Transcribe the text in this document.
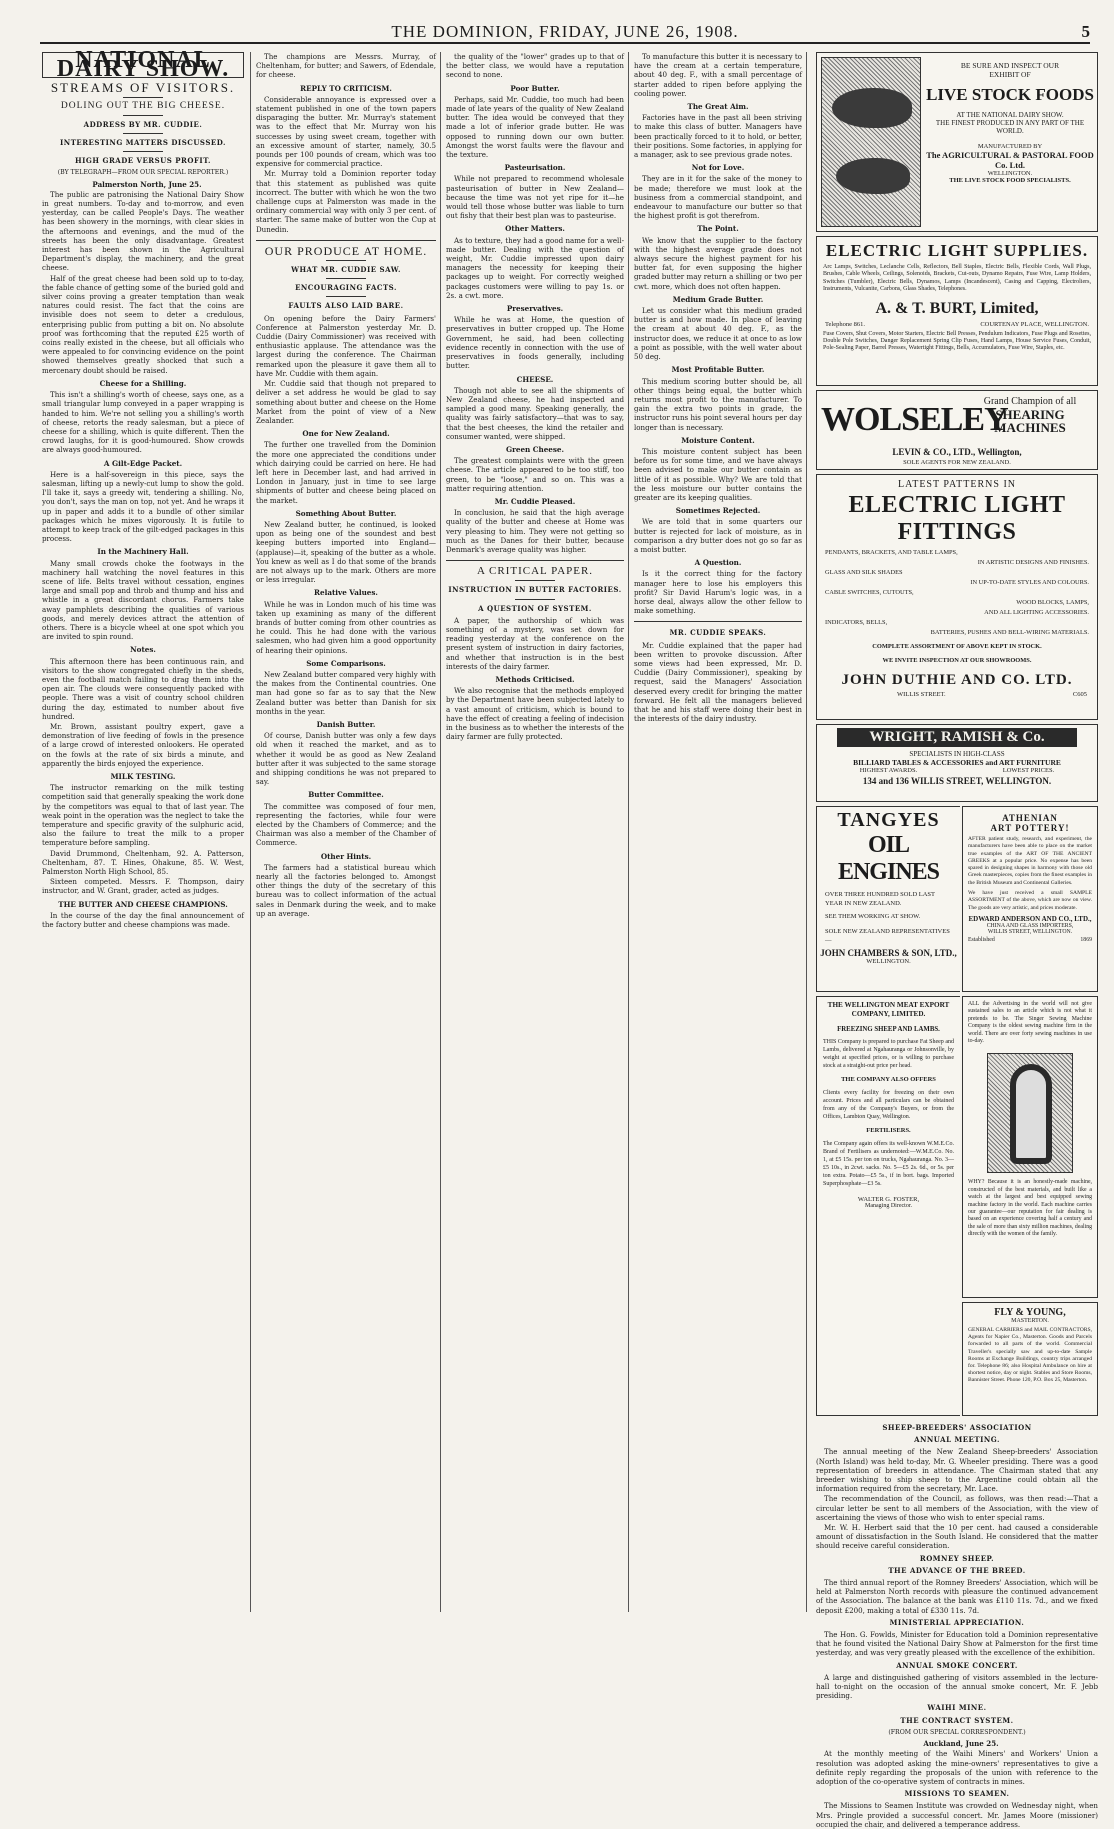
THE DOMINION, FRIDAY, JUNE 26, 1908.	5
NATIONAL DAIRY SHOW.
STREAMS OF VISITORS.
DOLING OUT THE BIG CHEESE.
ADDRESS BY MR. CUDDIE.
INTERESTING MATTERS DISCUSSED.
HIGH GRADE VERSUS PROFIT.
(BY TELEGRAPH—FROM OUR SPECIAL REPORTER.)

Palmerston North, June 25.

The public are patronising the National Dairy Show in great numbers. To-day and to-morrow, and even yesterday, can be called People's Days. The weather has been showery in the mornings, with clear skies in the afternoons and evenings, and the mud of the streets has been the only disadvantage. Greatest interest has been shown in the Agricultural Department's display, the machinery, and the great cheese.

Half of the great cheese had been sold up to to-day, the fable chance of getting some of the buried gold and silver coins proving a greater temptation than weak natures could resist. The fact that the coins are invisible does not seem to deter a credulous, enterprising public from putting a bit on. No absolute proof was forthcoming that the reputed £25 worth of coins really existed in the cheese, but all officials who were appealed to for convincing evidence on the point showed themselves greatly shocked that such a mercenary doubt should be raised.

Cheese for a Shilling.

This isn't a shilling's worth of cheese, says one, as a small triangular lump conveyed in a paper wrapping is handed to him. We're not selling you a shilling's worth of cheese, retorts the ready salesman, but a piece of cheese for a shilling, which is quite different. Then the crowd laughs, for it is good-humoured. Show crowds are always good-humoured.

A Gilt-Edge Packet.

Here is a half-sovereign in this piece, says the salesman, lifting up a newly-cut lump to show the gold. I'll take it, says a greedy wit, tendering a shilling. No, you don't, says the man on top, not yet. And he wraps it up in paper and adds it to a bundle of other similar packages which he mixes vigorously. It is futile to attempt to keep track of the gilt-edged packages in this process.

In the Machinery Hall.

Many small crowds choke the footways in the machinery hall watching the novel features in this scene of life. Belts travel without cessation, engines large and small pop and throb and thump and hiss and whistle in a great discordant chorus. Farmers take away pamphlets describing the qualities of various goods, and merely devices attract the attention of others. There is a bicycle wheel at one spot which you are invited to spin round.

Notes.

This afternoon there has been continuous rain, and visitors to the show congregated chiefly in the sheds, even the football match failing to drag them into the open air. The clouds were consequently packed with people. There was a visit of country school children during the day, estimated to number about five hundred.

Mr. Brown, assistant poultry expert, gave a demonstration of live feeding of fowls in the presence of a large crowd of interested onlookers. He operated on the fowls at the rate of six birds a minute, and apparently the birds enjoyed the experience.

MILK TESTING.

The instructor remarking on the milk testing competition said that generally speaking the work done by the competitors was equal to that of last year. The weak point in the operation was the neglect to take the temperature and specific gravity of the sulphuric acid, also the failure to treat the milk to a proper temperature before sampling.

David Drummond, Cheltenham, 92. A. Patterson, Cheltenham, 87. T. Hines, Ohakune, 85. W. West, Palmerston North High School, 85.

Sixteen competed. Messrs. F. Thompson, dairy instructor, and W. Grant, grader, acted as judges.

THE BUTTER AND CHEESE CHAMPIONS.

In the course of the day the final announcement of the factory butter and cheese champions was made.

The champions are Messrs. Murray, of Cheltenham, for butter; and Sawers, of Edendale, for cheese.

REPLY TO CRITICISM.

Considerable annoyance is expressed over a statement published in one of the town papers disparaging the butter. Mr. Murray's statement was to the effect that Mr. Murray won his successes by using sweet cream, together with an excessive amount of starter, namely, 30.5 pounds per 100 pounds of cream, which was too expensive for commercial practice.

Mr. Murray told a Dominion reporter today that this statement as published was quite incorrect. The butter with which he won the two challenge cups at Palmerston was made in the ordinary commercial way with only 3 per cent. of starter. The same make of butter won the Cup at Dunedin.

OUR PRODUCE AT HOME.
WHAT MR. CUDDIE SAW.
ENCOURAGING FACTS.
FAULTS ALSO LAID BARE.

On opening before the Dairy Farmers' Conference at Palmerston yesterday Mr. D. Cuddie (Dairy Commissioner) was received with enthusiastic applause. The attendance was the largest during the conference. The Chairman remarked upon the pleasure it gave them all to have Mr. Cuddie with them again.

Mr. Cuddie said that though not prepared to deliver a set address he would be glad to say something about butter and cheese on the Home Market from the point of view of a New Zealander.

One for New Zealand.

The further one travelled from the Dominion the more one appreciated the conditions under which dairying could be carried on here. He had left here in December last, and had arrived in London in January, just in time to see large shipments of butter and cheese being placed on the market.

Something About Butter.

New Zealand butter, he continued, is looked upon as being one of the soundest and best keeping butters imported into England—(applause)—it, speaking of the butter as a whole. You knew as well as I do that some of the brands are not always up to the mark. Others are more or less irregular.

Relative Values.

While he was in London much of his time was taken up examining as many of the different brands of butter coming from other countries as he could. This he had done with the various salesmen, who had given him a good opportunity of hearing their opinions.

Some Comparisons.

New Zealand butter compared very highly with the makes from the Continental countries. One man had gone so far as to say that the New Zealand butter was better than Danish for six months in the year.

Danish Butter.

Of course, Danish butter was only a few days old when it reached the market, and as to whether it would be as good as New Zealand butter after it was subjected to the same storage and shipping conditions he was not prepared to say.

Butter Committee.

The committee was composed of four men, representing the factories, while four were elected by the Chambers of Commerce; and the Chairman was also a member of the Chamber of Commerce.

Other Hints.

The farmers had a statistical bureau which nearly all the factories belonged to. Amongst other things the duty of the secretary of this bureau was to collect information of the actual sales in Denmark during the week, and to make up an average.

the quality of the "lower" grades up to that of the better class, we would have a reputation second to none.

Poor Butter.

Perhaps, said Mr. Cuddie, too much had been made of late years of the quality of New Zealand butter. The idea would be conveyed that they made a lot of inferior grade butter. He was opposed to running down our own butter. Amongst the worst faults were the flavour and the texture.

Pasteurisation.

While not prepared to recommend wholesale pasteurisation of butter in New Zealand—because the time was not yet ripe for it—he would tell those whose butter was liable to turn out fishy that their best plan was to pasteurise.

Other Matters.

As to texture, they had a good name for a well-made butter. Dealing with the question of weight, Mr. Cuddie impressed upon dairy managers the necessity for keeping their packages up to weight. For correctly weighed packages customers were willing to pay 1s. or 2s. a cwt. more.

Preservatives.

While he was at Home, the question of preservatives in butter cropped up. The Home Government, he said, had been collecting evidence recently in connection with the use of preservatives in foods generally, including butter.

CHEESE.

Though not able to see all the shipments of New Zealand cheese, he had inspected and sampled a good many. Speaking generally, the quality was fairly satisfactory—that was to say, that the best cheeses, the kind the retailer and consumer wanted, were shipped.

Green Cheese.

The greatest complaints were with the green cheese. The article appeared to be too stiff, too green, to be "loose," and so on. This was a matter requiring attention.

Mr. Cuddie Pleased.

In conclusion, he said that the high average quality of the butter and cheese at Home was very pleasing to him. They were not getting so much as the Danes for their butter, because Denmark's average quality was higher.

A CRITICAL PAPER.
INSTRUCTION IN BUTTER FACTORIES.
A QUESTION OF SYSTEM.

A paper, the authorship of which was something of a mystery, was set down for reading yesterday at the conference on the present system of instruction in dairy factories, and whether that instruction is in the best interests of the dairy farmer.

Methods Criticised.

We also recognise that the methods employed by the Department have been subjected lately to a vast amount of criticism, which is bound to have the effect of creating a feeling of indecision in the business as to whether the interests of the dairy farmer are fully protected.

To manufacture this butter it is necessary to have the cream at a certain temperature, about 40 deg. F., with a small percentage of starter added to ripen before applying the cooling power.

The Great Aim.

Factories have in the past all been striving to make this class of butter. Managers have been practically forced to it to hold, or better, their positions. Some factories, in applying for a manager, ask to see previous grade notes.

Not for Love.

They are in it for the sake of the money to be made; therefore we must look at the business from a commercial standpoint, and endeavour to manufacture our butter so that the highest profit is got therefrom.

The Point.

We know that the supplier to the factory with the highest average grade does not always secure the highest payment for his butter fat, for even supposing the higher graded butter may return a shilling or two per cwt. more, which does not often happen.

Medium Grade Butter.

Let us consider what this medium graded butter is and how made. In place of leaving the cream at about 40 deg. F., as the instructor does, we reduce it at once to as low a point as possible, with the well water about 50 deg.

Most Profitable Butter.

This medium scoring butter should be, all other things being equal, the butter which returns most profit to the manufacturer. To gain the extra two points in grade, the instructor runs his point several hours per day longer than is necessary.

Moisture Content.

This moisture content subject has been before us for some time, and we have always been advised to make our butter contain as little of it as possible. Why? We are told that the less moisture our butter contains the greater are its keeping qualities.

Sometimes Rejected.

We are told that in some quarters our butter is rejected for lack of moisture, as in comparison a dry butter does not go so far as a moist butter.

A Question.

Is it the correct thing for the factory manager here to lose his employers this profit? Sir David Harum's logic was, in a horse deal, always allow the other fellow to make something.

MR. CUDDIE SPEAKS.

Mr. Cuddie explained that the paper had been written to provoke discussion. After some views had been expressed, Mr. D. Cuddie (Dairy Commissioner), speaking by request, said the Managers' Association deserved every credit for bringing the matter forward. He felt all the managers believed that he and his staff were doing their best in the interests of the dairy industry.

BE SURE AND INSPECT OUR
EXHIBIT OF
LIVE STOCK FOODS
AT THE NATIONAL DAIRY SHOW.
THE FINEST PRODUCED IN ANY PART OF THE WORLD.
MANUFACTURED BY
The AGRICULTURAL & PASTORAL FOOD Co. Ltd.
WELLINGTON.
THE LIVE STOCK FOOD SPECIALISTS.
ELECTRIC LIGHT SUPPLIES.
Arc Lamps, Switches, Leclanche Cells, Reflectors, Bell Staples, Electric Bells, Flexible Cords, Wall Plugs, Brushes, Cable Wheels, Ceilings, Solenoids, Brackets, Cut-outs, Dynamo Repairs, Fuse Wire, Lamp Holders, Switches (Tumbler), Electric Bells, Dynamos, Lamps (Incandescent), Casing and Capping, Electroliers, Instruments, Vulcanite, Carbons, Glass Shades, Telephones.
A. & T. BURT, Limited,
Telephone 861.	COURTENAY PLACE, WELLINGTON.
Fuse Covers, Shut Covers, Motor Starters, Electric Bell Presses, Pendulum Indicators, Fuse Plugs and Rosettes, Double Pole Switches, Danger Replacement Spring Clip Fuses, Hand Lamps, House Service Fuses, Conduit, Pole-Sealing Paper, Barrel Presses, Watertight Fittings, Bells, Accumulators, Fuse Wire, Staples, etc.
WOLSELEY
Grand Champion of all
SHEARING
MACHINES
LEVIN & CO., LTD., Wellington,
SOLE AGENTS FOR NEW ZEALAND.
LATEST PATTERNS IN
ELECTRIC LIGHT FITTINGS
PENDANTS, BRACKETS, AND TABLE LAMPS,
IN ARTISTIC DESIGNS AND FINISHES.
GLASS AND SILK SHADES
IN UP-TO-DATE STYLES AND COLOURS.
CABLE SWITCHES, CUTOUTS,
WOOD BLOCKS, LAMPS,
AND ALL LIGHTING ACCESSORIES.
INDICATORS, BELLS,
BATTERIES, PUSHES AND BELL-WIRING MATERIALS.
COMPLETE ASSORTMENT OF ABOVE KEPT IN STOCK.
WE INVITE INSPECTION AT OUR SHOWROOMS.
JOHN DUTHIE AND CO. LTD.
WILLIS STREET.	C605
WRIGHT, RAMISH & Co.
SPECIALISTS IN HIGH-CLASS
BILLIARD TABLES & ACCESSORIES and ART FURNITURE
HIGHEST AWARDS.	LOWEST PRICES.
134 and 136 WILLIS STREET, WELLINGTON.
TANGYES
OIL ENGINES
OVER THREE HUNDRED SOLD LAST YEAR IN NEW ZEALAND.
SEE THEM WORKING AT SHOW.
SOLE NEW ZEALAND REPRESENTATIVES—
JOHN CHAMBERS & SON, LTD.,
WELLINGTON.
ATHENIAN
ART POTTERY!
AFTER patient study, research, and experiment, the manufacturers have been able to place on the market true examples of the ART OF THE ANCIENT GREEKS at a popular price. No expense has been spared in designing shapes in harmony with those old Greek masterpieces, copies from the finest examples in the British Museum and Continental Galleries.
We have just received a small SAMPLE ASSORTMENT of the above, which are now on view. The goods are very artistic, and prices moderate.
EDWARD ANDERSON AND CO., LTD.,
CHINA AND GLASS IMPORTERS,
WILLIS STREET, WELLINGTON.
Established	1869
THE WELLINGTON MEAT EXPORT COMPANY, LIMITED.
FREEZING SHEEP AND LAMBS.
THIS Company is prepared to purchase Fat Sheep and Lambs, delivered at Ngahauranga or Johnsonville, by weight at specified prices, or is willing to purchase stock at a straight-out price per head.
THE COMPANY ALSO OFFERS
Clients every facility for freezing on their own account. Prices and all particulars can be obtained from any of the Company's Buyers, or from the Offices, Lambton Quay, Wellington.
FERTILISERS.
The Company again offers its well-known W.M.E.Co. Brand of Fertilisers as undernoted:—W.M.E.Co. No. 1, at £5 15s. per ton on trucks, Ngahauranga. No. 3—£5 10s., in 2cwt. sacks. No. 5—£5 2s. 6d., or 5s. per ton extra. Potato—£5 5s., if in bort. bags. Imported Superphosphate—£3 5s.
WALTER G. FOSTER,
Managing Director.
ALL the Advertising in the world will not give sustained sales to an article which is not what it pretends to be. The Singer Sewing Machine Company is the oldest sewing machine firm in the world. There are over forty sewing machines in use to-day.
WHY? Because it is an honestly-made machine, constructed of the best materials, and built like a watch at the largest and best equipped sewing machine factory in the world. Each machine carries our guarantee—our reputation for fair dealing is based on an experience covering half a century and the sale of more than sixty million machines, dealing directly with the women of the family.
FLY & YOUNG,
MASTERTON.
GENERAL CARRIERS and MAIL CONTRACTORS, Agents for Napier Co., Masterton. Goods and Parcels forwarded to all parts of the world. Commercial Traveller's specially saw and up-to-date Sample Rooms at Exchange Buildings, country trips arranged for. Telephone 86; also Hospital Ambulance on hire at shortest notice, day or night. Stables and Store Rooms, Bannister Street. Phone 120, P.O. Box 25, Masterton.
SHEEP-BREEDERS' ASSOCIATION
ANNUAL MEETING.

The annual meeting of the New Zealand Sheep-breeders' Association (North Island) was held to-day, Mr. G. Wheeler presiding. There was a good representation of breeders in attendance. The Chairman stated that any breeder wishing to ship sheep to the Argentine could obtain all the information required from the secretary, Mr. Lace.

The recommendation of the Council, as follows, was then read:—That a circular letter be sent to all members of the Association, with the view of ascertaining the views of those who wish to enter special rams.

Mr. W. H. Herbert said that the 10 per cent. had caused a considerable amount of dissatisfaction in the South Island. He considered that the matter should receive careful consideration.

ROMNEY SHEEP.
THE ADVANCE OF THE BREED.

The third annual report of the Romney Breeders' Association, which will be held at Palmerston North records with pleasure the continued advancement of the Association. The balance at the bank was £110 11s. 7d., and we fixed deposit £200, making a total of £330 11s. 7d.

MINISTERIAL APPRECIATION.

The Hon. G. Fowlds, Minister for Education told a Dominion representative that he found visited the National Dairy Show at Palmerston for the first time yesterday, and was very greatly pleased with the excellence of the exhibition.

ANNUAL SMOKE CONCERT.

A large and distinguished gathering of visitors assembled in the lecture-hall to-night on the occasion of the annual smoke concert, Mr. F. Jebb presiding.

WAIHI MINE.
THE CONTRACT SYSTEM.
(FROM OUR SPECIAL CORRESPONDENT.)

Auckland, June 25.

At the monthly meeting of the Waihi Miners' and Workers' Union a resolution was adopted asking the mine-owners' representatives to give a definite reply regarding the proposals of the union with reference to the adoption of the co-operative system of contracts in mines.

MISSIONS TO SEAMEN.

The Missions to Seamen Institute was crowded on Wednesday night, when Mrs. Pringle provided a successful concert. Mr. James Moore (missioner) occupied the chair, and delivered a temperance address.
